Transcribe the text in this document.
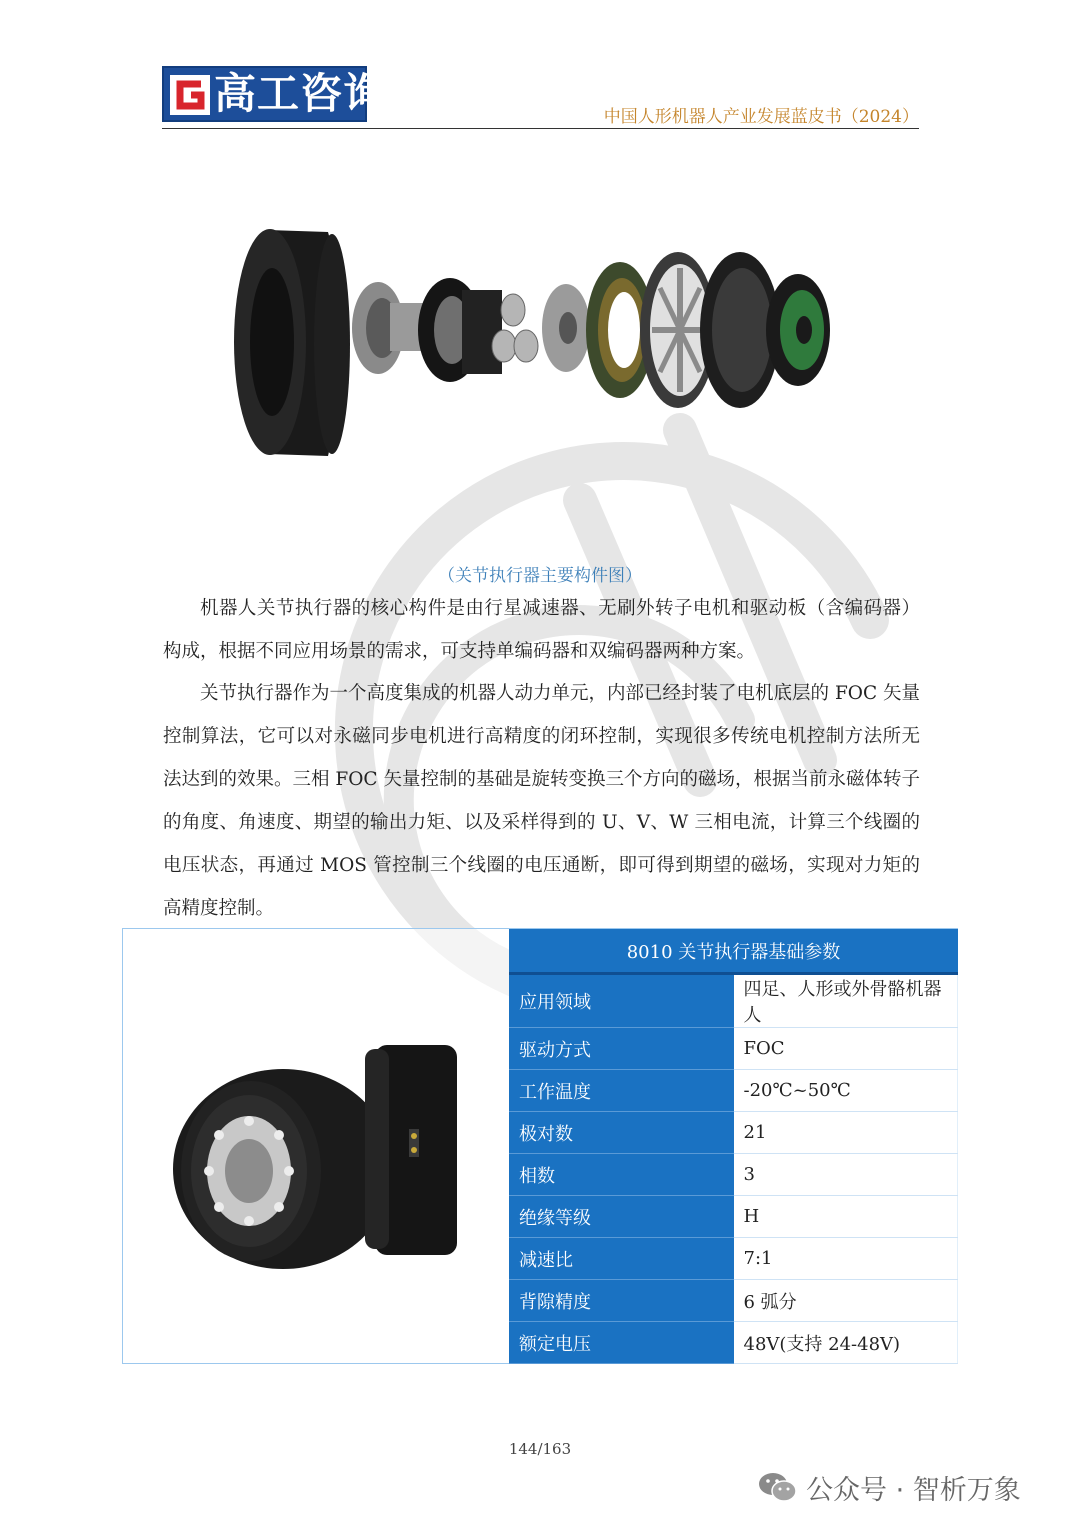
高工咨询	中国人形机器人产业发展蓝皮书（2024）
（关节执行器主要构件图）

机器人关节执行器的核心构件是由行星减速器、无刷外转子电机和驱动板（含编码器）构成，根据不同应用场景的需求，可支持单编码器和双编码器两种方案。

关节执行器作为一个高度集成的机器人动力单元，内部已经封装了电机底层的 FOC 矢量控制算法，它可以对永磁同步电机进行高精度的闭环控制，实现很多传统电机控制方法所无法达到的效果。三相 FOC 矢量控制的基础是旋转变换三个方向的磁场，根据当前永磁体转子的角度、角速度、期望的输出力矩、以及采样得到的 U、V、W 三相电流，计算三个线圈的电压状态，再通过 MOS 管控制三个线圈的电压通断，即可得到期望的磁场，实现对力矩的高精度控制。

8010 关节执行器基础参数	
应用领域	四足、人形或外骨骼机器人
驱动方式	FOC
工作温度	-20℃~50℃
极对数	21
相数	3
绝缘等级	H
减速比	7:1
背隙精度	6 弧分
额定电压	48V(支持 24-48V)
144/163
公众号 · 智析万象
